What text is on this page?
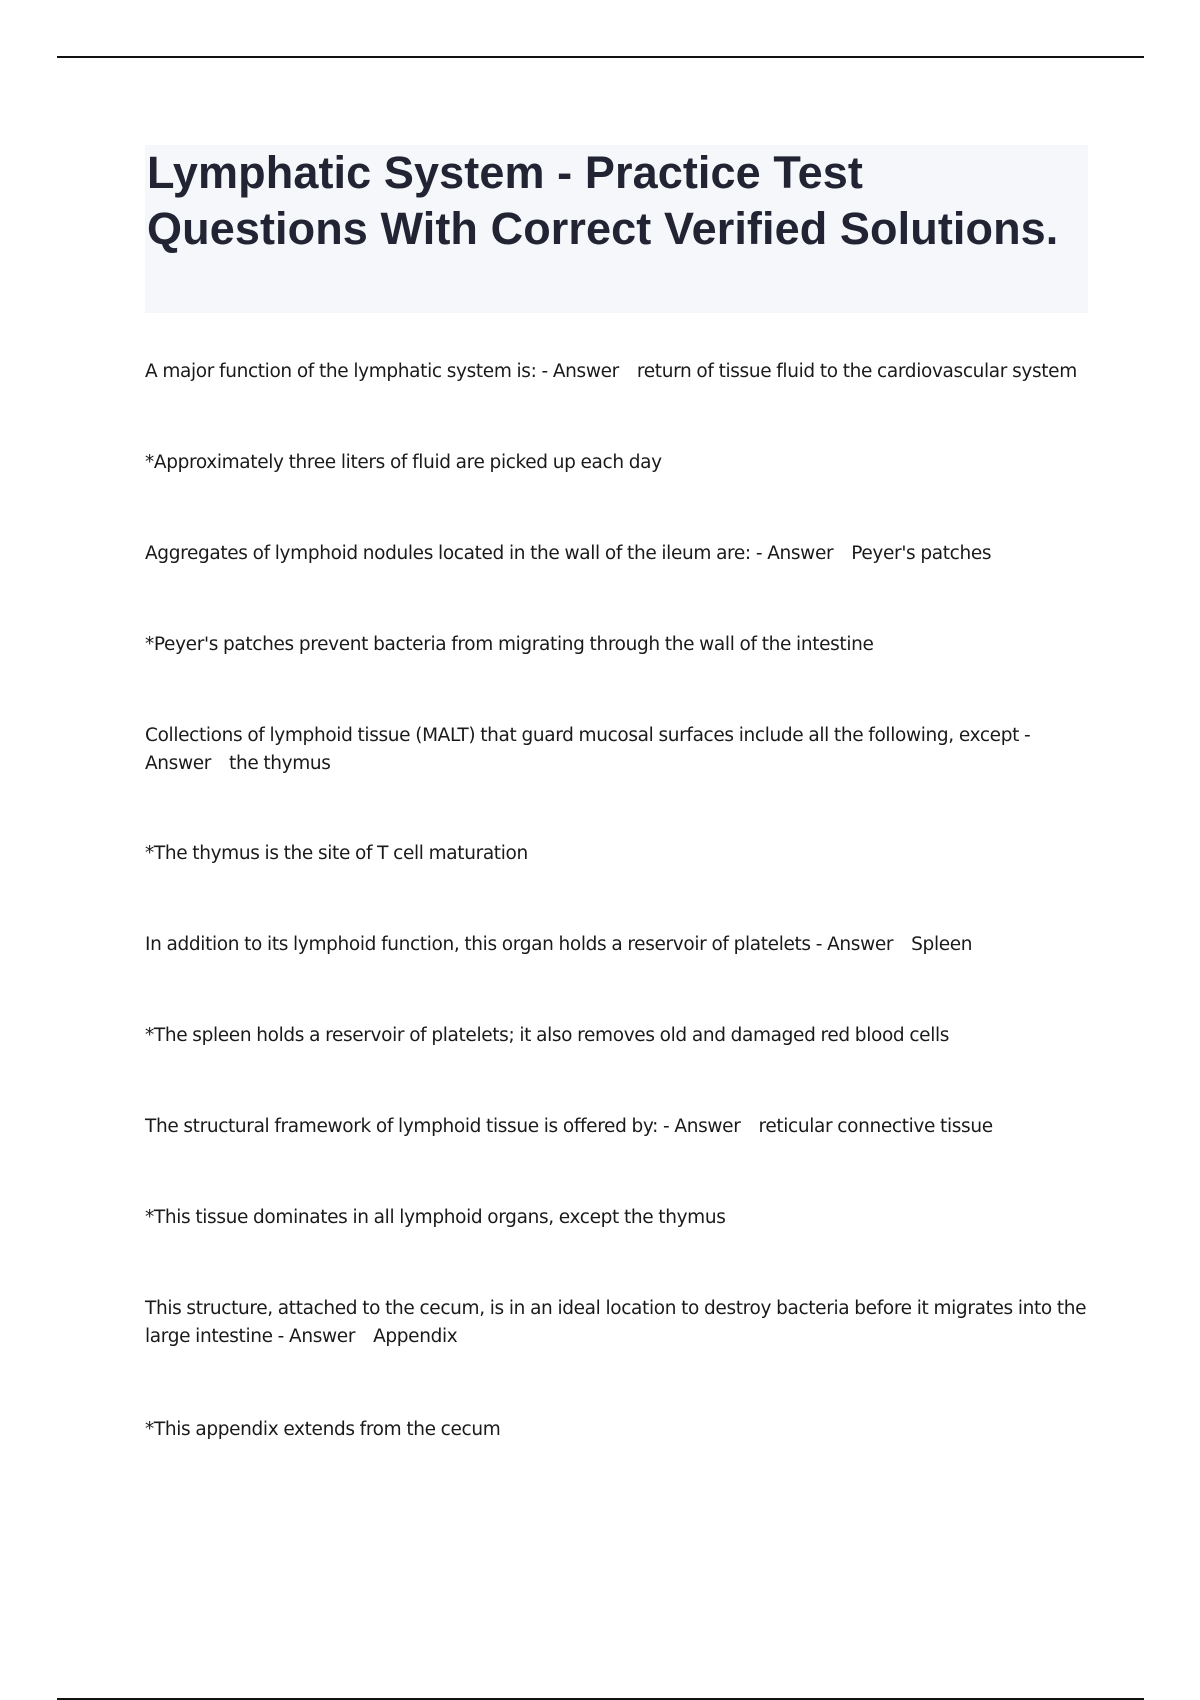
Lymphatic System - Practice Test Questions With Correct Verified Solutions.

A major function of the lymphatic system is: - Answer return of tissue fluid to the cardiovascular system

*Approximately three liters of fluid are picked up each day

Aggregates of lymphoid nodules located in the wall of the ileum are: - Answer Peyer's patches

*Peyer's patches prevent bacteria from migrating through the wall of the intestine

Collections of lymphoid tissue (MALT) that guard mucosal surfaces include all the following, except - Answer the thymus

*The thymus is the site of T cell maturation

In addition to its lymphoid function, this organ holds a reservoir of platelets - Answer Spleen

*The spleen holds a reservoir of platelets; it also removes old and damaged red blood cells

The structural framework of lymphoid tissue is offered by: - Answer reticular connective tissue

*This tissue dominates in all lymphoid organs, except the thymus

This structure, attached to the cecum, is in an ideal location to destroy bacteria before it migrates into the large intestine - Answer Appendix

*This appendix extends from the cecum
